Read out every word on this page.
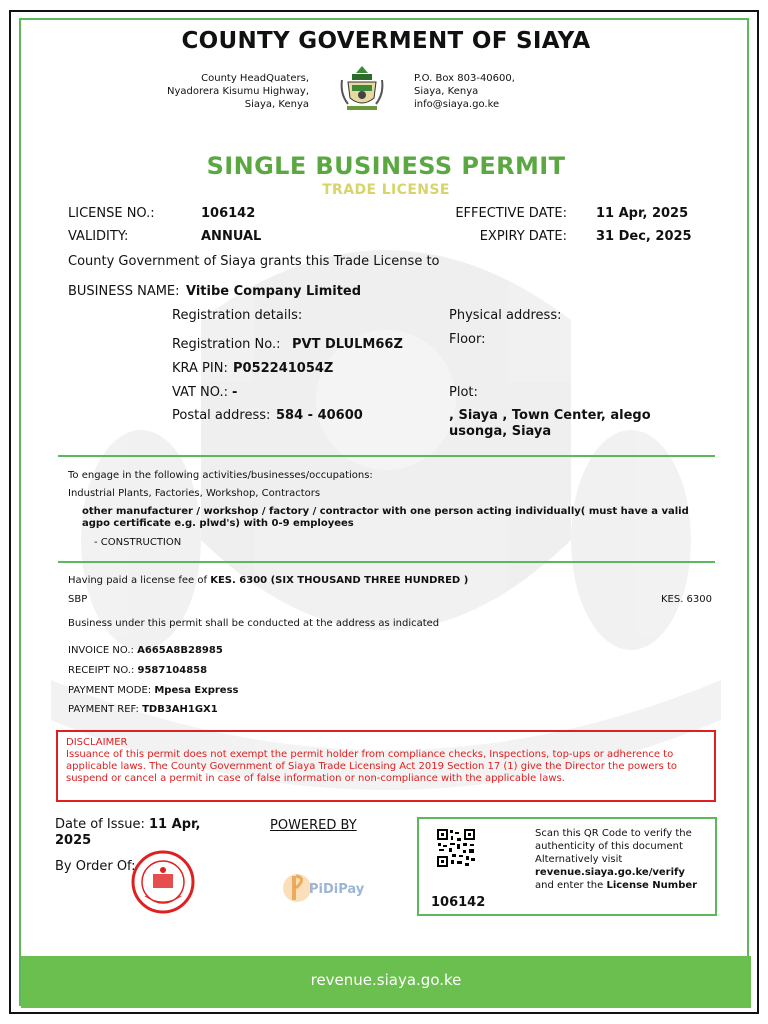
COUNTY GOVERMENT OF SIAYA
County HeadQuaters,
Nyadorera Kisumu Highway,
Siaya, Kenya
P.O. Box 803-40600,
Siaya, Kenya
info@siaya.go.ke
SINGLE BUSINESS PERMIT
TRADE LICENSE
LICENSE NO.:	106142
VALIDITY:	ANNUAL
EFFECTIVE DATE: 11 Apr, 2025
EXPIRY DATE: 31 Dec, 2025
County Government of Siaya grants this Trade License to
BUSINESS NAME: Vitibe Company Limited
Registration details:
Registration No.: PVT DLULM66Z
KRA PIN: P052241054Z
VAT NO.: -
Postal address: 584 - 40600
Physical address:
Floor:
Plot:
, Siaya , Town Center, alego
usonga, Siaya
To engage in the following activities/businesses/occupations:
Industrial Plants, Factories, Workshop, Contractors
other manufacturer / workshop / factory / contractor with one person acting individually( must have a valid
agpo certificate e.g. plwd's) with 0-9 employees
- CONSTRUCTION
Having paid a license fee of KES. 6300 (SIX THOUSAND THREE HUNDRED )
SBP	KES. 6300
Business under this permit shall be conducted at the address as indicated
INVOICE NO.: A665A8B28985
RECEIPT NO.: 9587104858
PAYMENT MODE: Mpesa Express
PAYMENT REF: TDB3AH1GX1
DISCLAIMER
Issuance of this permit does not exempt the permit holder from compliance checks, Inspections, top-ups or adherence to applicable laws. The County Government of Siaya Trade Licensing Act 2019 Section 17 (1) give the Director the powers to suspend or cancel a permit in case of false information or non-compliance with the applicable laws.
Date of Issue: 11 Apr,
2025
By Order Of:
POWERED BY
PiDiPay
106142
Scan this QR Code to verify the
authenticity of this document
Alternatively visit
revenue.siaya.go.ke/verify
and enter the License Number
revenue.siaya.go.ke
